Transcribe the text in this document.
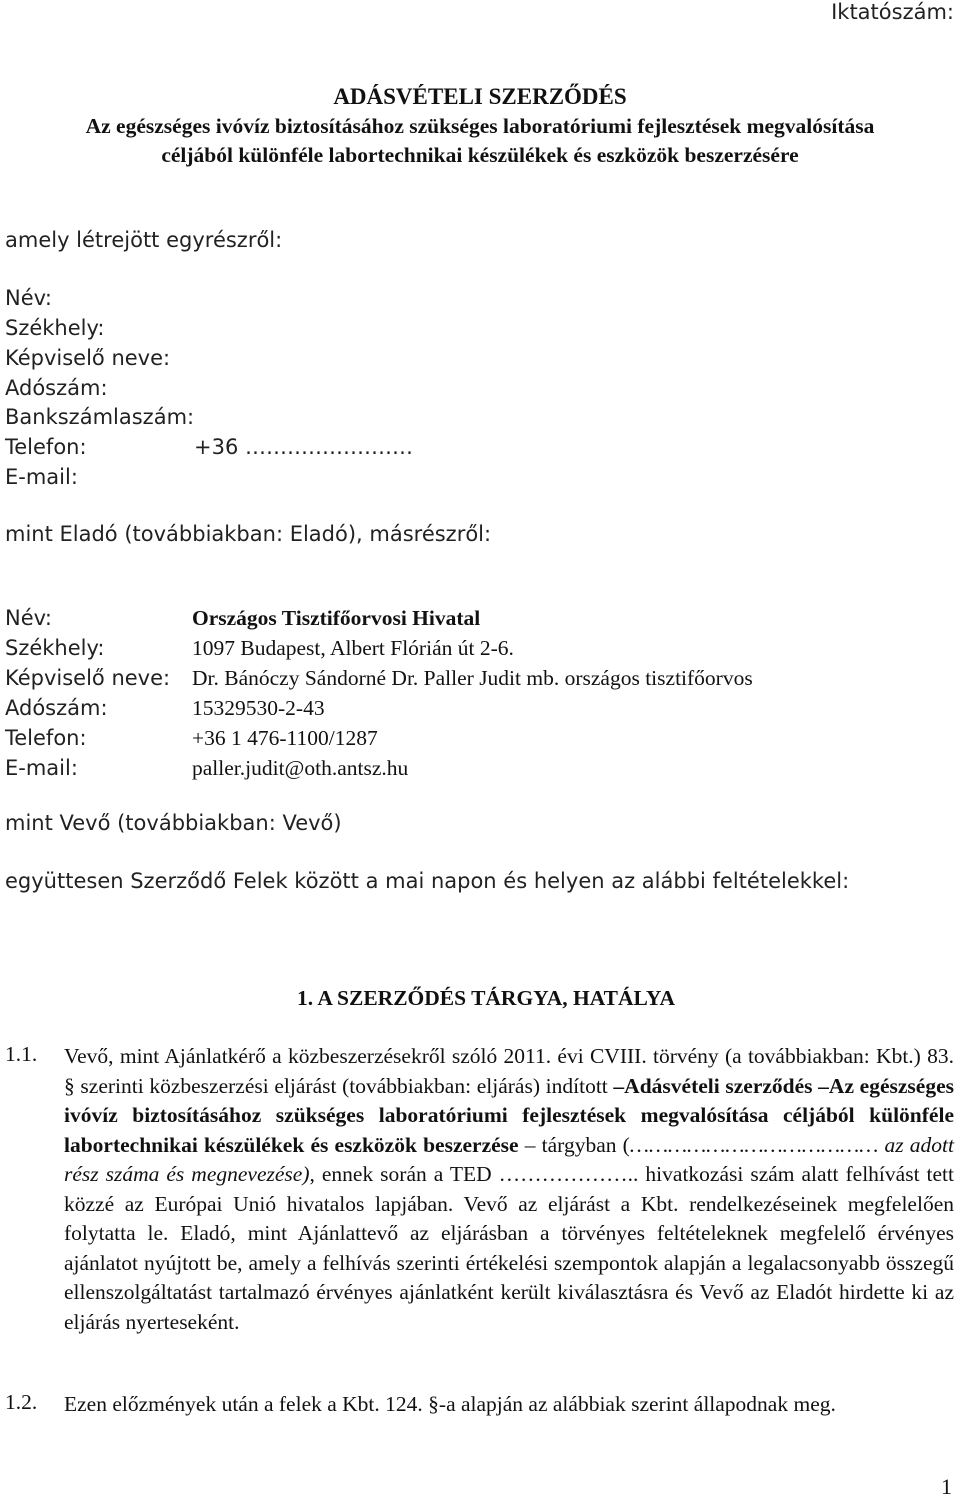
Iktatószám:
ADÁSVÉTELI SZERZŐDÉS
Az egészséges ivóvíz biztosításához szükséges laboratóriumi fejlesztések megvalósítása
céljából különféle labortechnikai készülékek és eszközök beszerzésére
amely létrejött egyrészről:
Név:
Székhely:
Képviselő neve:
Adószám:
Bankszámlaszám:
Telefon:	+36 ……………………
E-mail:
mint Eladó (továbbiakban: Eladó), másrészről:
Név:	Országos Tisztifőorvosi Hivatal
Székhely:	1097 Budapest, Albert Flórián út 2-6.
Képviselő neve: Dr. Bánóczy Sándorné Dr. Paller Judit mb. országos tisztifőorvos
Adószám:	15329530-2-43
Telefon:	+36 1 476-1100/1287
E-mail:	paller.judit@oth.antsz.hu
mint Vevő (továbbiakban: Vevő)
együttesen Szerződő Felek között a mai napon és helyen az alábbi feltételekkel:
1. A SZERZŐDÉS TÁRGYA, HATÁLYA
1.1. Vevő, mint Ajánlatkérő a közbeszerzésekről szóló 2011. évi CVIII. törvény (a továbbiakban: Kbt.) 83. § szerinti közbeszerzési eljárást (továbbiakban: eljárás) indított –Adásvételi szerződés –Az egészséges ivóvíz biztosításához szükséges laboratóriumi fejlesztések megvalósítása céljából különféle labortechnikai készülékek és eszközök beszerzése – tárgyban (………………………………… az adott rész száma és megnevezése), ennek során a TED ……………….. hivatkozási szám alatt felhívást tett közzé az Európai Unió hivatalos lapjában. Vevő az eljárást a Kbt. rendelkezéseinek megfelelően folytatta le. Eladó, mint Ajánlattevő az eljárásban a törvényes feltételeknek megfelelő érvényes ajánlatot nyújtott be, amely a felhívás szerinti értékelési szempontok alapján a legalacsonyabb összegű ellenszolgáltatást tartalmazó érvényes ajánlatként került kiválasztásra és Vevő az Eladót hirdette ki az eljárás nyerteseként.
1.2. Ezen előzmények után a felek a Kbt. 124. §-a alapján az alábbiak szerint állapodnak meg.
1
